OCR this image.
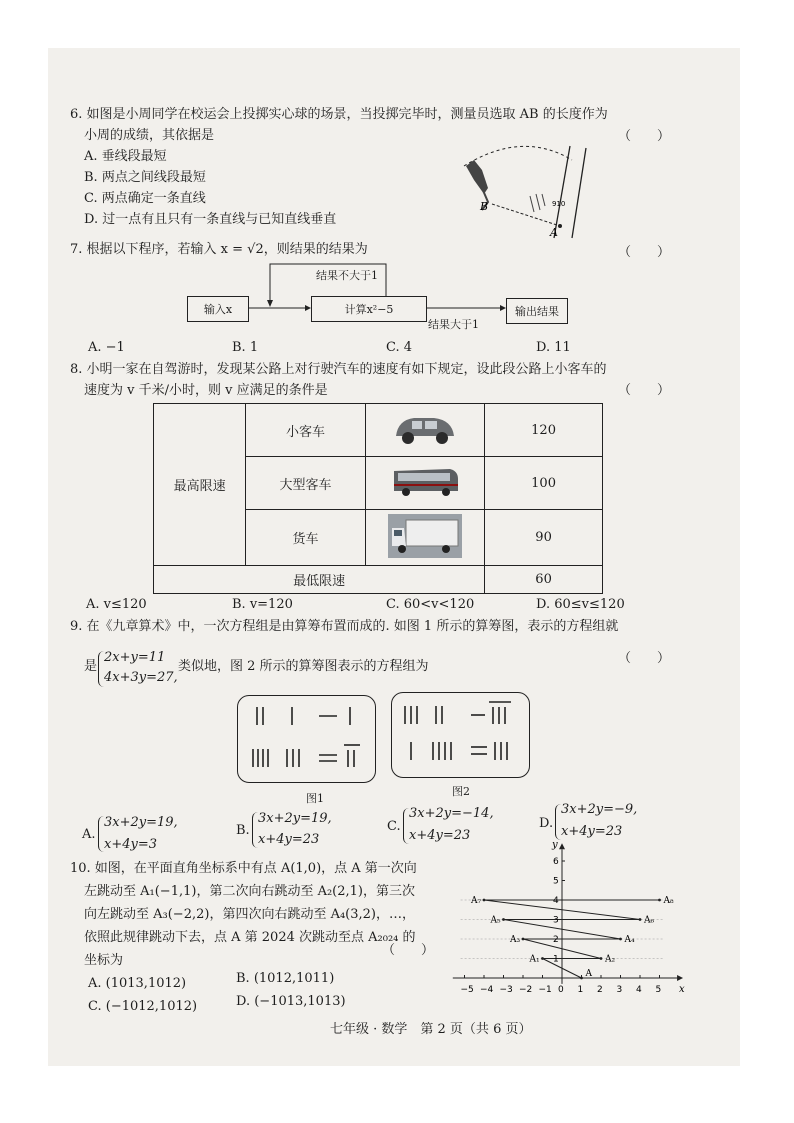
6. 如图是小周同学在校运会上投掷实心球的场景，当投掷完毕时，测量员选取 AB 的长度作为
小周的成绩，其依据是	（　　）
A. 垂线段最短
B. 两点之间线段最短
C. 两点确定一条直线
D. 过一点有且只有一条直线与已知直线垂直
B
A
910
7. 根据以下程序，若输入 x = √2，则结果的结果为	（　　）
输入x	计算x²−5	输出结果
结果不大于1
结果大于1
A. −1	B. 1	C. 4	D. 11
8. 小明一家在自驾游时，发现某公路上对行驶汽车的速度有如下规定，设此段公路上小客车的
速度为 v 千米/小时，则 v 应满足的条件是	（　　）
最高限速	小客车		120
	大型客车		100
	货车		90
最低限速			60
A. v≤120	B. v=120	C. 60<v<120	D. 60≤v≤120
9. 在《九章算术》中，一次方程组是由算筹布置而成的. 如图 1 所示的算筹图，表示的方程组就
是
2x+y=11
4x+3y=27,
类似地，图 2 所示的算筹图表示的方程组为
（　　）
图1
图2
A.
3x+2y=19,
x+4y=3
B.
3x+2y=19,
x+4y=23
C.
3x+2y=−14,
x+4y=23
D.
3x+2y=−9,
x+4y=23
10. 如图，在平面直角坐标系中有点 A(1,0)，点 A 第一次向
左跳动至 A₁(−1,1)，第二次向右跳动至 A₂(2,1)，第三次
向左跳动至 A₃(−2,2)，第四次向右跳动至 A₄(3,2)，…，
依照此规律跳动下去，点 A 第 2024 次跳动至点 A₂₀₂₄ 的
坐标为
（　　）
A. (1013,1012)	B. (1012,1011)
C. (−1012,1012)	D. (−1013,1013)
−5 −4 −3 −2 −1 0 1 2 3 4 5
1
2
3
4
5
6
x
y
A
A₁	A₂
A₃	A₄
A₅	A₆
A₇	A₈
七年级 · 数学　第 2 页（共 6 页）
